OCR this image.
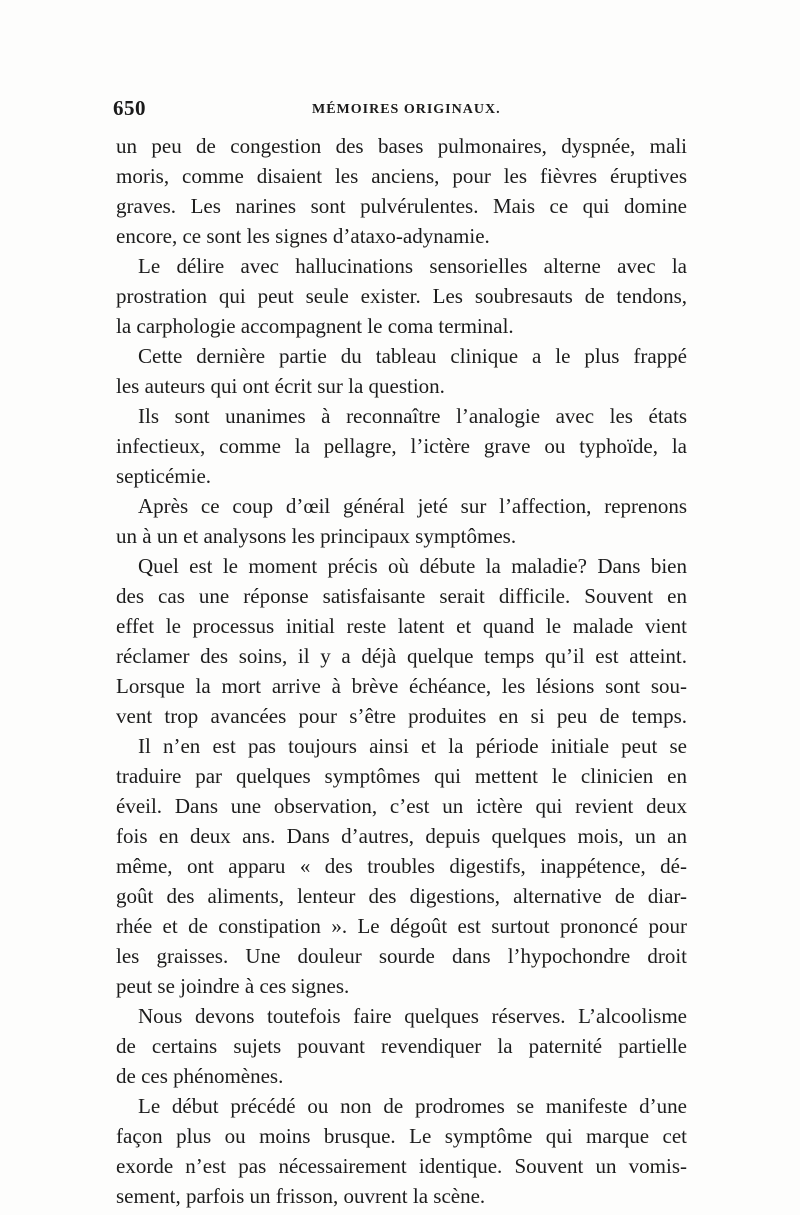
650	MÉMOIRES ORIGINAUX.
un peu de congestion des bases pulmonaires, dyspnée, mali
moris, comme disaient les anciens, pour les fièvres éruptives
graves. Les narines sont pulvérulentes. Mais ce qui domine
encore, ce sont les signes d’ataxo-adynamie.
Le délire avec hallucinations sensorielles alterne avec la
prostration qui peut seule exister. Les soubresauts de tendons,
la carphologie accompagnent le coma terminal.
Cette dernière partie du tableau clinique a le plus frappé
les auteurs qui ont écrit sur la question.
Ils sont unanimes à reconnaître l’analogie avec les états
infectieux, comme la pellagre, l’ictère grave ou typhoïde, la
septicémie.
Après ce coup d’œil général jeté sur l’affection, reprenons
un à un et analysons les principaux symptômes.
Quel est le moment précis où débute la maladie? Dans bien
des cas une réponse satisfaisante serait difficile. Souvent en
effet le processus initial reste latent et quand le malade vient
réclamer des soins, il y a déjà quelque temps qu’il est atteint.
Lorsque la mort arrive à brève échéance, les lésions sont sou-
vent trop avancées pour s’être produites en si peu de temps.
Il n’en est pas toujours ainsi et la période initiale peut se
traduire par quelques symptômes qui mettent le clinicien en
éveil. Dans une observation, c’est un ictère qui revient deux
fois en deux ans. Dans d’autres, depuis quelques mois, un an
même, ont apparu « des troubles digestifs, inappétence, dé-
goût des aliments, lenteur des digestions, alternative de diar-
rhée et de constipation ». Le dégoût est surtout prononcé pour
les graisses. Une douleur sourde dans l’hypochondre droit
peut se joindre à ces signes.
Nous devons toutefois faire quelques réserves. L’alcoolisme
de certains sujets pouvant revendiquer la paternité partielle
de ces phénomènes.
Le début précédé ou non de prodromes se manifeste d’une
façon plus ou moins brusque. Le symptôme qui marque cet
exorde n’est pas nécessairement identique. Souvent un vomis-
sement, parfois un frisson, ouvrent la scène.
